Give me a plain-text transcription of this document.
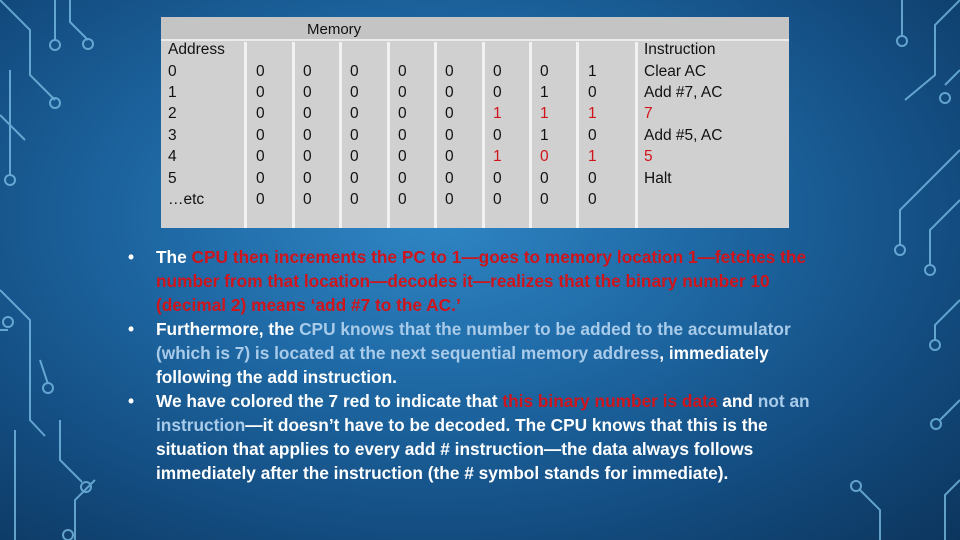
Memory
Address	Instruction
0
1
2
3
4
5
…etc
0
0
0
0
0
0
0
0
0
0
0
0
0
0
0
0
0
0
0
0
0
0
0
0
0
0
0
0
0
0
0
0
0
0
0
0
0
1
0
1
0
0
0
1
1
1
0
0
0
1
0
1
0
1
0
0
Clear AC
Add #7, AC
7
Add #5, AC
5
Halt
• The CPU then increments the PC to 1—goes to memory location 1—fetches the number from that location—decodes it—realizes that the binary number 10 (decimal 2) means ‘add #7 to the AC.’
• Furthermore, the CPU knows that the number to be added to the accumulator (which is 7) is located at the next sequential memory address, immediately following the add instruction.
• We have colored the 7 red to indicate that this binary number is data and not an instruction—it doesn’t have to be decoded. The CPU knows that this is the situation that applies to every add # instruction—the data always follows immediately after the instruction (the # symbol stands for immediate).
